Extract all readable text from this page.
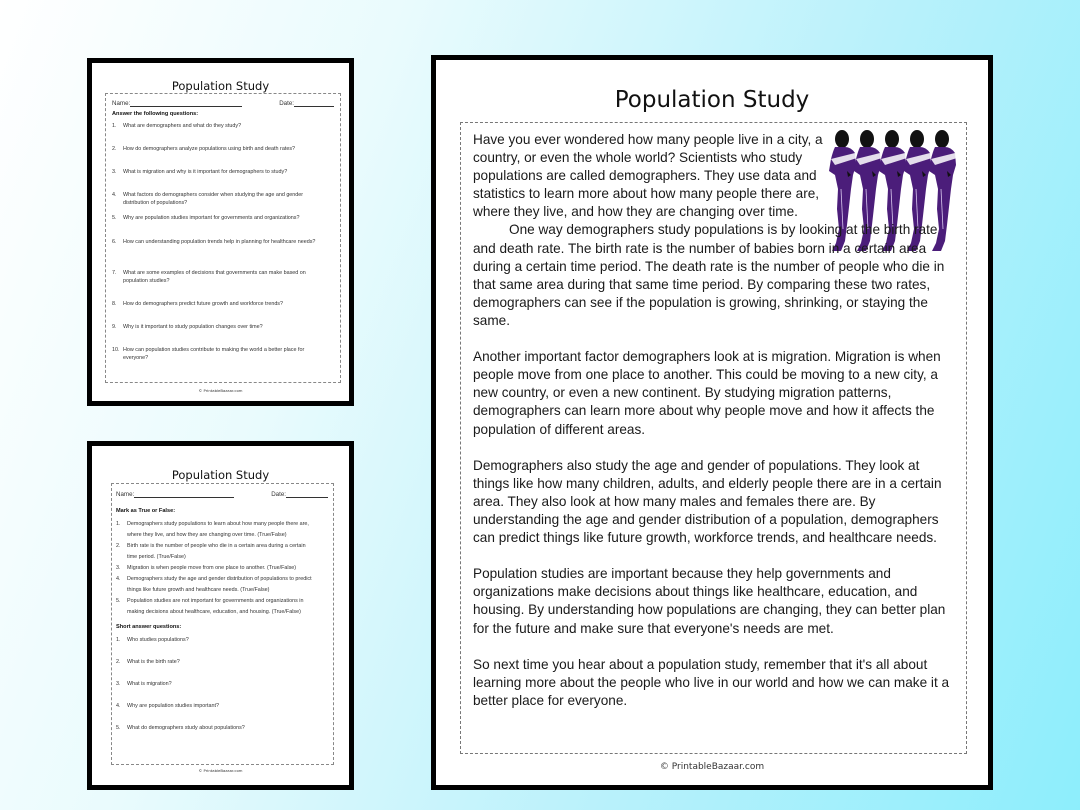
Population Study
Name:	Date:
Answer the following questions:
1.	What are demographers and what do they study?
2.	How do demographers analyze populations using birth and death rates?
3.	What is migration and why is it important for demographers to study?
4.	What factors do demographers consider when studying the age and gender distribution of populations?
5.	Why are population studies important for governments and organizations?
6.	How can understanding population trends help in planning for healthcare needs?
7.	What are some examples of decisions that governments can make based on population studies?
8.	How do demographers predict future growth and workforce trends?
9.	Why is it important to study population changes over time?
10. How can population studies contribute to making the world a better place for everyone?
© PrintableBazaar.com
Population Study
Name:	Date:
Mark as True or False:
1.	Demographers study populations to learn about how many people there are, where they live, and how they are changing over time. (True/False)
2.	Birth rate is the number of people who die in a certain area during a certain time period. (True/False)
3.	Migration is when people move from one place to another. (True/False)
4.	Demographers study the age and gender distribution of populations to predict things like future growth and healthcare needs. (True/False)
5.	Population studies are not important for governments and organizations in making decisions about healthcare, education, and housing. (True/False)
Short answer questions:
1.	Who studies populations?
2.	What is the birth rate?
3.	What is migration?
4.	Why are population studies important?
5.	What do demographers study about populations?
© PrintableBazaar.com
Population Study

Have you ever wondered how many people live in a city, a country, or even the whole world? Scientists who study populations are called demographers. They use data and statistics to learn more about how many people there are, where they live, and how they are changing over time.

One way demographers study populations is by looking at the birth rate and death rate. The birth rate is the number of babies born in a certain area during a certain time period. The death rate is the number of people who die in that same area during that same time period. By comparing these two rates, demographers can see if the population is growing, shrinking, or staying the same.

Another important factor demographers look at is migration. Migration is when people move from one place to another. This could be moving to a new city, a new country, or even a new continent. By studying migration patterns, demographers can learn more about why people move and how it affects the population of different areas.

Demographers also study the age and gender of populations. They look at things like how many children, adults, and elderly people there are in a certain area. They also look at how many males and females there are. By understanding the age and gender distribution of a population, demographers can predict things like future growth, workforce trends, and healthcare needs.

Population studies are important because they help governments and organizations make decisions about things like healthcare, education, and housing. By understanding how populations are changing, they can better plan for the future and make sure that everyone's needs are met.

So next time you hear about a population study, remember that it's all about learning more about the people who live in our world and how we can make it a better place for everyone.

© PrintableBazaar.com
